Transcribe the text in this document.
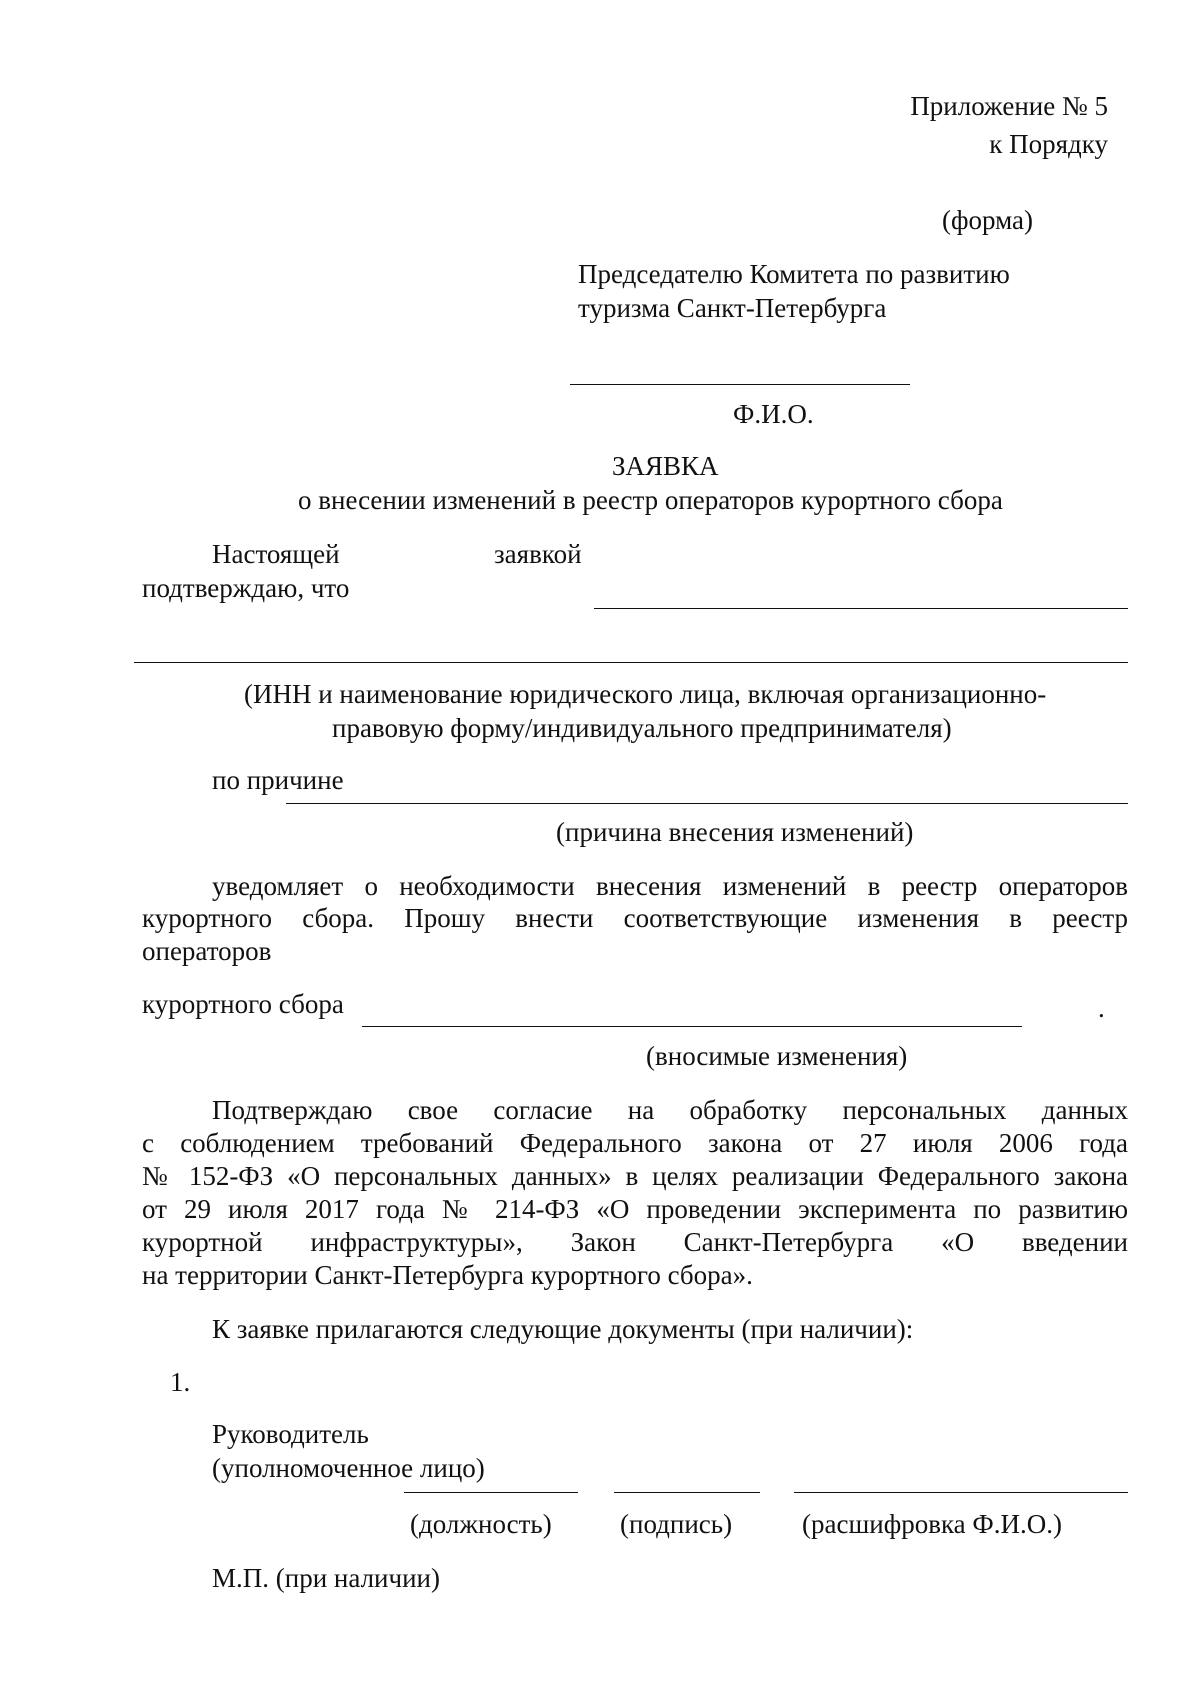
Приложение № 5
к Порядку
(форма)
Председателю Комитета по развитию
туризма Санкт-Петербурга
Ф.И.О.
ЗАЯВКА
о внесении изменений в реестр операторов курортного сбора
Настоящей	заявкой
подтверждаю, что
(ИНН и наименование юридического лица, включая организационно-
правовую форму/индивидуального предпринимателя)
по причине
(причина внесения изменений)
уведомляет о необходимости внесения изменений в реестр операторов
курортного сбора. Прошу внести соответствующие изменения в реестр
операторов
курортного сбора	.
(вносимые изменения)
Подтверждаю свое согласие на обработку персональных данных
с соблюдением требований Федерального закона от 27 июля 2006 года
№ 152-ФЗ «О персональных данных» в целях реализации Федерального закона
от 29 июля 2017 года № 214-ФЗ «О проведении эксперимента по развитию
курортной инфраструктуры», Закон Санкт-Петербурга «О введении
на территории Санкт-Петербурга курортного сбора».
К заявке прилагаются следующие документы (при наличии):
1.
Руководитель
(уполномоченное лицо)
(должность)	(подпись)	(расшифровка Ф.И.О.)
М.П. (при наличии)
